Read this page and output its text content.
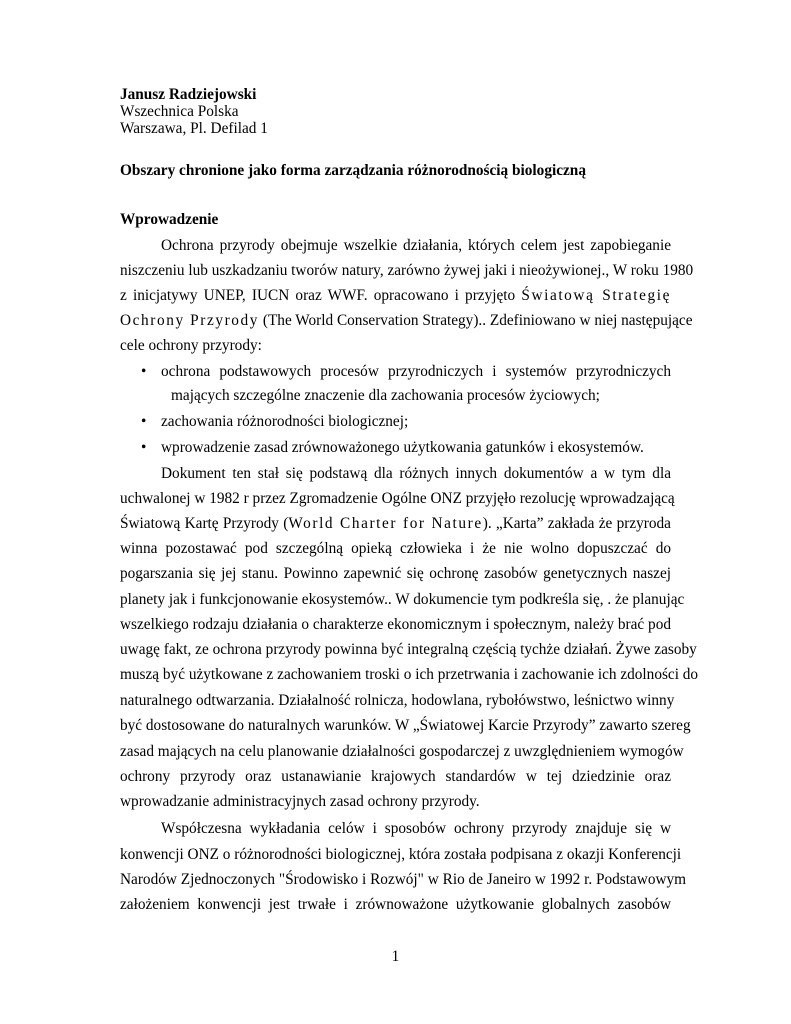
Janusz Radziejowski
Wszechnica Polska
Warszawa, Pl. Defilad 1
Obszary chronione jako forma zarządzania różnorodnością biologiczną
Wprowadzenie
Ochrona przyrody obejmuje wszelkie działania, których celem jest zapobieganie
niszczeniu lub uszkadzaniu tworów natury, zarówno żywej jaki i nieożywionej., W roku 1980
z inicjatywy UNEP, IUCN oraz WWF. opracowano i przyjęto Światową Strategię
Ochrony Przyrody (The World Conservation Strategy).. Zdefiniowano w niej następujące
cele ochrony przyrody:
• ochrona podstawowych procesów przyrodniczych i systemów przyrodniczych
mających szczególne znaczenie dla zachowania procesów życiowych;
• zachowania różnorodności biologicznej;
• wprowadzenie zasad zrównoważonego użytkowania gatunków i ekosystemów.
Dokument ten stał się podstawą dla różnych innych dokumentów a w tym dla
uchwalonej w 1982 r przez Zgromadzenie Ogólne ONZ przyjęło rezolucję wprowadzającą
Światową Kartę Przyrody (World Charter for Nature). „Karta” zakłada że przyroda
winna pozostawać pod szczególną opieką człowieka i że nie wolno dopuszczać do
pogarszania się jej stanu. Powinno zapewnić się ochronę zasobów genetycznych naszej
planety jak i funkcjonowanie ekosystemów.. W dokumencie tym podkreśla się, . że planując
wszelkiego rodzaju działania o charakterze ekonomicznym i społecznym, należy brać pod
uwagę fakt, ze ochrona przyrody powinna być integralną częścią tychże działań. Żywe zasoby
muszą być użytkowane z zachowaniem troski o ich przetrwania i zachowanie ich zdolności do
naturalnego odtwarzania. Działalność rolnicza, hodowlana, rybołówstwo, leśnictwo winny
być dostosowane do naturalnych warunków. W „Światowej Karcie Przyrody” zawarto szereg
zasad mających na celu planowanie działalności gospodarczej z uwzględnieniem wymogów
ochrony przyrody oraz ustanawianie krajowych standardów w tej dziedzinie oraz
wprowadzanie administracyjnych zasad ochrony przyrody.
Współczesna wykładania celów i sposobów ochrony przyrody znajduje się w
konwencji ONZ o różnorodności biologicznej, która została podpisana z okazji Konferencji
Narodów Zjednoczonych "Środowisko i Rozwój" w Rio de Janeiro w 1992 r. Podstawowym
założeniem konwencji jest trwałe i zrównoważone użytkowanie globalnych zasobów
1
